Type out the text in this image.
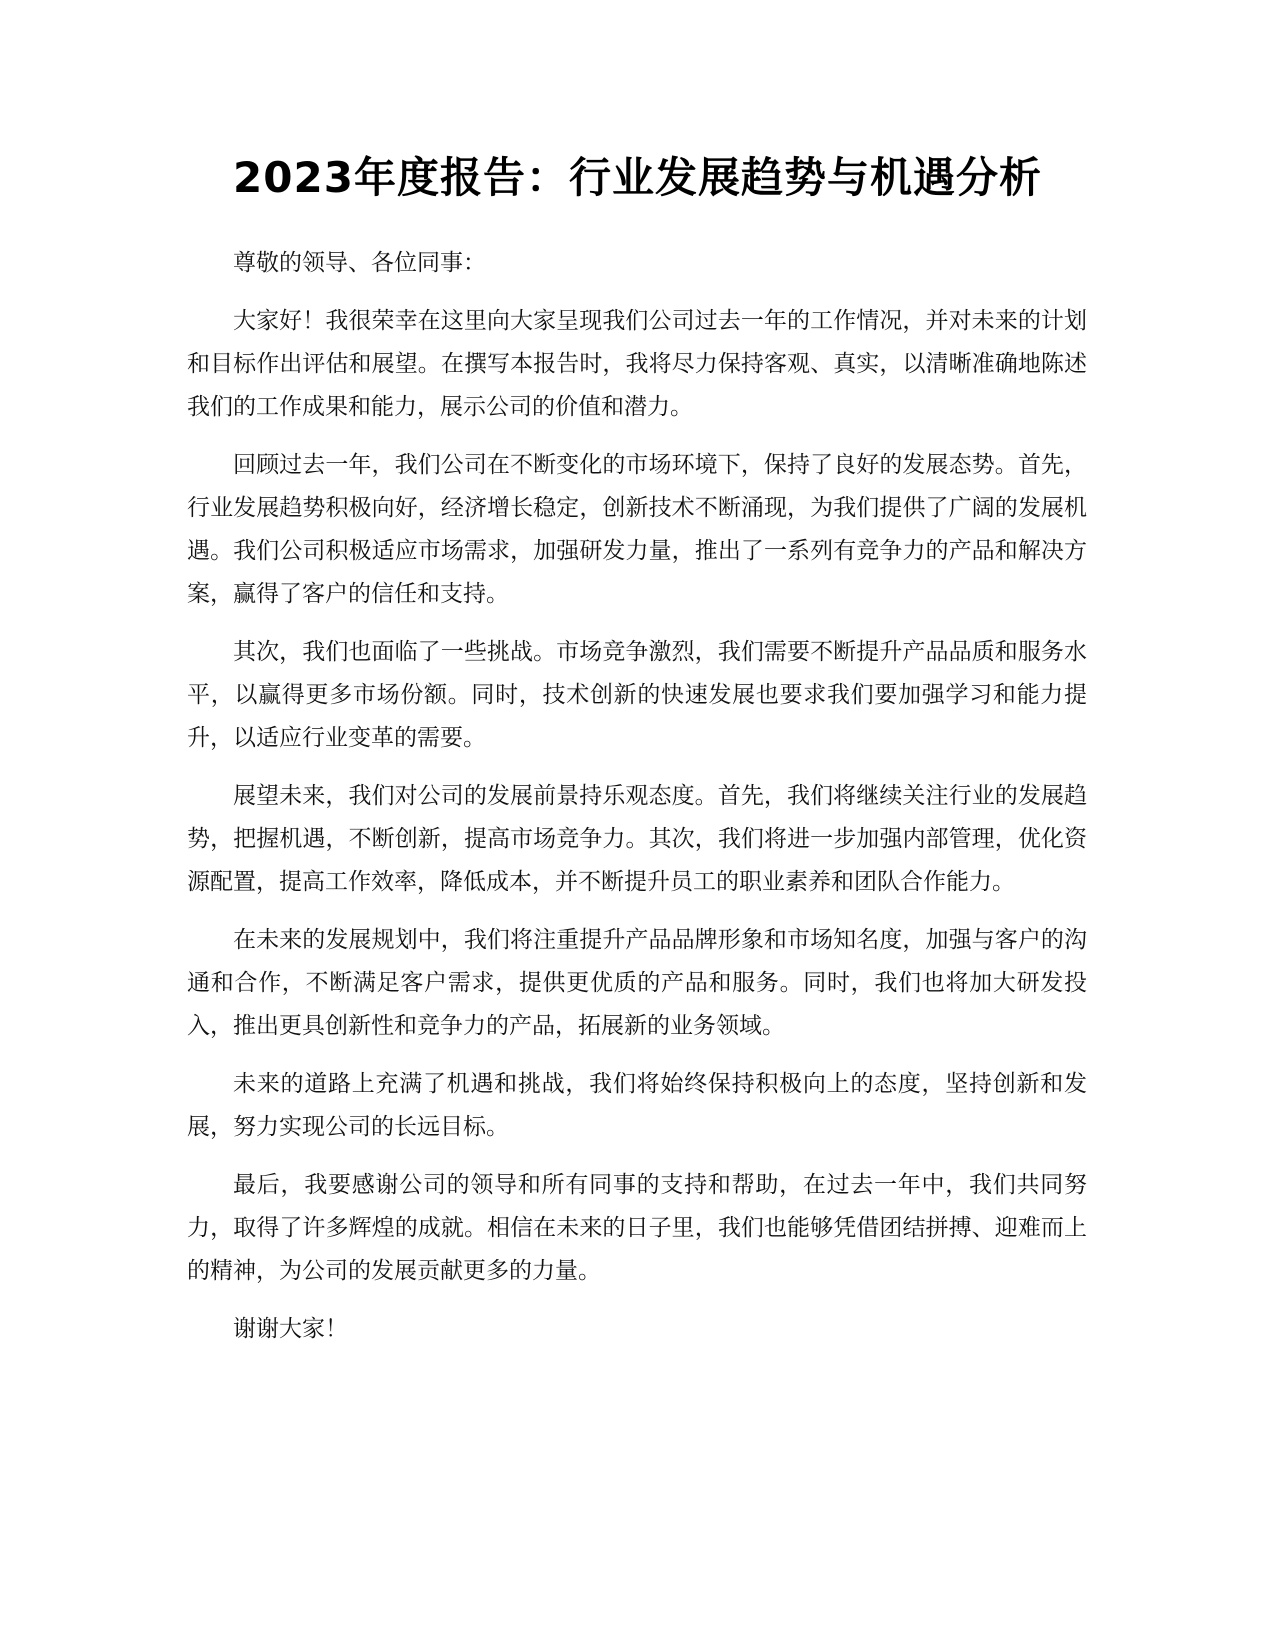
2023年度报告：行业发展趋势与机遇分析

尊敬的领导、各位同事：

大家好！我很荣幸在这里向大家呈现我们公司过去一年的工作情况，并对未来的计划和目标作出评估和展望。在撰写本报告时，我将尽力保持客观、真实，以清晰准确地陈述我们的工作成果和能力，展示公司的价值和潜力。

回顾过去一年，我们公司在不断变化的市场环境下，保持了良好的发展态势。首先，行业发展趋势积极向好，经济增长稳定，创新技术不断涌现，为我们提供了广阔的发展机遇。我们公司积极适应市场需求，加强研发力量，推出了一系列有竞争力的产品和解决方案，赢得了客户的信任和支持。

其次，我们也面临了一些挑战。市场竞争激烈，我们需要不断提升产品品质和服务水平，以赢得更多市场份额。同时，技术创新的快速发展也要求我们要加强学习和能力提升，以适应行业变革的需要。

展望未来，我们对公司的发展前景持乐观态度。首先，我们将继续关注行业的发展趋势，把握机遇，不断创新，提高市场竞争力。其次，我们将进一步加强内部管理，优化资源配置，提高工作效率，降低成本，并不断提升员工的职业素养和团队合作能力。

在未来的发展规划中，我们将注重提升产品品牌形象和市场知名度，加强与客户的沟通和合作，不断满足客户需求，提供更优质的产品和服务。同时，我们也将加大研发投入，推出更具创新性和竞争力的产品，拓展新的业务领域。

未来的道路上充满了机遇和挑战，我们将始终保持积极向上的态度，坚持创新和发展，努力实现公司的长远目标。

最后，我要感谢公司的领导和所有同事的支持和帮助，在过去一年中，我们共同努力，取得了许多辉煌的成就。相信在未来的日子里，我们也能够凭借团结拼搏、迎难而上的精神，为公司的发展贡献更多的力量。

谢谢大家！
